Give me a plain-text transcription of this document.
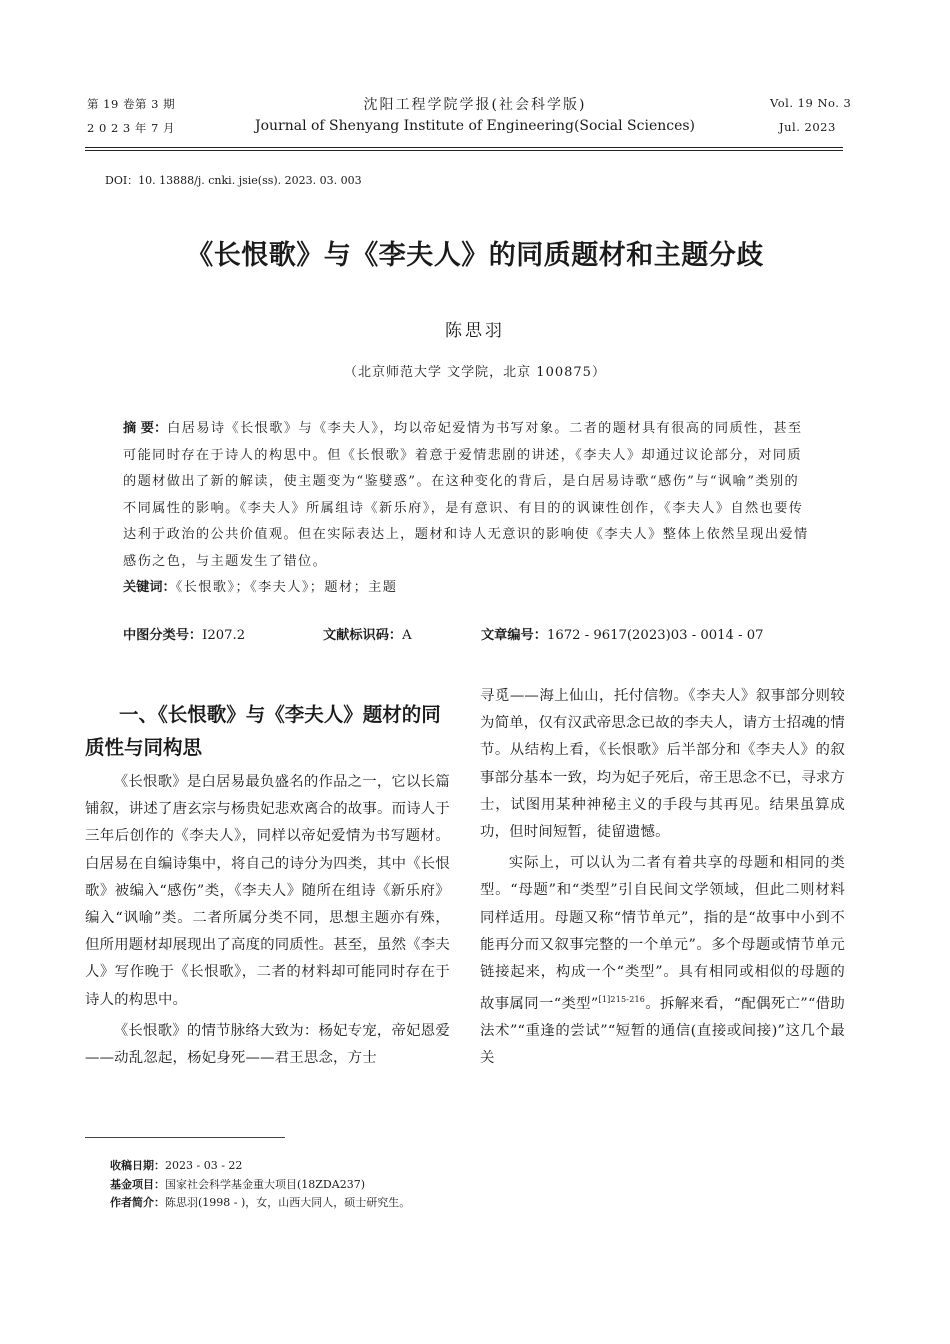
第 19 卷第 3 期
2 0 2 3 年 7 月
沈阳工程学院学报(社会科学版)
Journal of Shenyang Institute of Engineering(Social Sciences)
Vol. 19 No. 3
Jul. 2023
DOI：10. 13888/j. cnki. jsie(ss). 2023. 03. 003
《长恨歌》与《李夫人》的同质题材和主题分歧
陈思羽
（北京师范大学 文学院，北京 100875）

摘 要：白居易诗《长恨歌》与《李夫人》，均以帝妃爱情为书写对象。二者的题材具有很高的同质性，甚至可能同时存在于诗人的构思中。但《长恨歌》着意于爱情悲剧的讲述，《李夫人》却通过议论部分，对同质的题材做出了新的解读，使主题变为“鉴嬖惑”。在这种变化的背后，是白居易诗歌“感伤”与“讽喻”类别的不同属性的影响。《李夫人》所属组诗《新乐府》，是有意识、有目的的讽谏性创作，《李夫人》自然也要传达利于政治的公共价值观。但在实际表达上，题材和诗人无意识的影响使《李夫人》整体上依然呈现出爱情感伤之色，与主题发生了错位。

关键词：《长恨歌》；《李夫人》；题材；主题

中图分类号：I207.2	文献标识码：A	文章编号：1672 - 9617(2023)03 - 0014 - 07

一、《长恨歌》与《李夫人》题材的同

质性与同构思

《长恨歌》是白居易最负盛名的作品之一，它以长篇铺叙，讲述了唐玄宗与杨贵妃悲欢离合的故事。而诗人于三年后创作的《李夫人》，同样以帝妃爱情为书写题材。白居易在自编诗集中，将自己的诗分为四类，其中《长恨歌》被编入“感伤”类，《李夫人》随所在组诗《新乐府》编入“讽喻”类。二者所属分类不同，思想主题亦有殊，但所用题材却展现出了高度的同质性。甚至，虽然《李夫人》写作晚于《长恨歌》，二者的材料却可能同时存在于诗人的构思中。

《长恨歌》的情节脉络大致为：杨妃专宠，帝妃恩爱——动乱忽起，杨妃身死——君王思念，方士

寻觅——海上仙山，托付信物。《李夫人》叙事部分则较为简单，仅有汉武帝思念已故的李夫人，请方士招魂的情节。从结构上看，《长恨歌》后半部分和《李夫人》的叙事部分基本一致，均为妃子死后，帝王思念不已，寻求方士，试图用某种神秘主义的手段与其再见。结果虽算成功，但时间短暂，徒留遗憾。

实际上，可以认为二者有着共享的母题和相同的类型。“母题”和“类型”引自民间文学领域，但此二则材料同样适用。母题又称“情节单元”，指的是“故事中小到不能再分而又叙事完整的一个单元”。多个母题或情节单元链接起来，构成一个“类型”。具有相同或相似的母题的故事属同一“类型”$^{[1]215-216}$。拆解来看，“配偶死亡”“借助法术”“重逢的尝试”“短暂的通信(直接或间接)”这几个最关

收稿日期：2023 - 03 - 22
基金项目：国家社会科学基金重大项目(18ZDA237)
作者简介：陈思羽(1998 - )，女，山西大同人，硕士研究生。
